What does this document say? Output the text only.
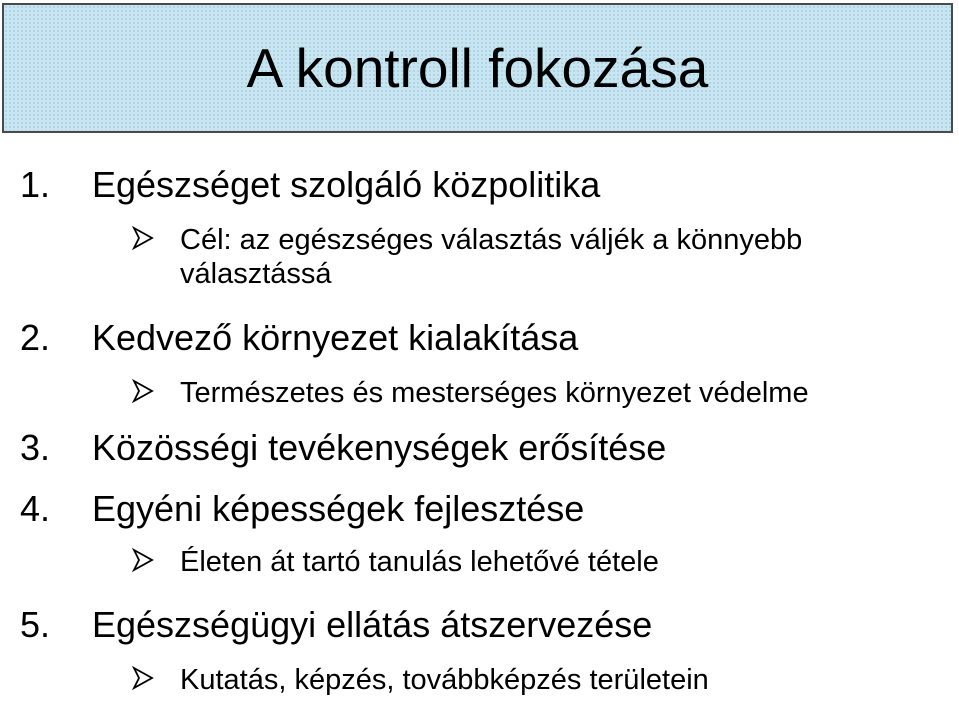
A kontroll fokozása
1. Egészséget szolgáló közpolitika
Cél: az egészséges választás váljék a könnyebb
választássá
2. Kedvező környezet kialakítása
Természetes és mesterséges környezet védelme
3. Közösségi tevékenységek erősítése
4. Egyéni képességek fejlesztése
Életen át tartó tanulás lehetővé tétele
5. Egészségügyi ellátás átszervezése
Kutatás, képzés, továbbképzés területein
